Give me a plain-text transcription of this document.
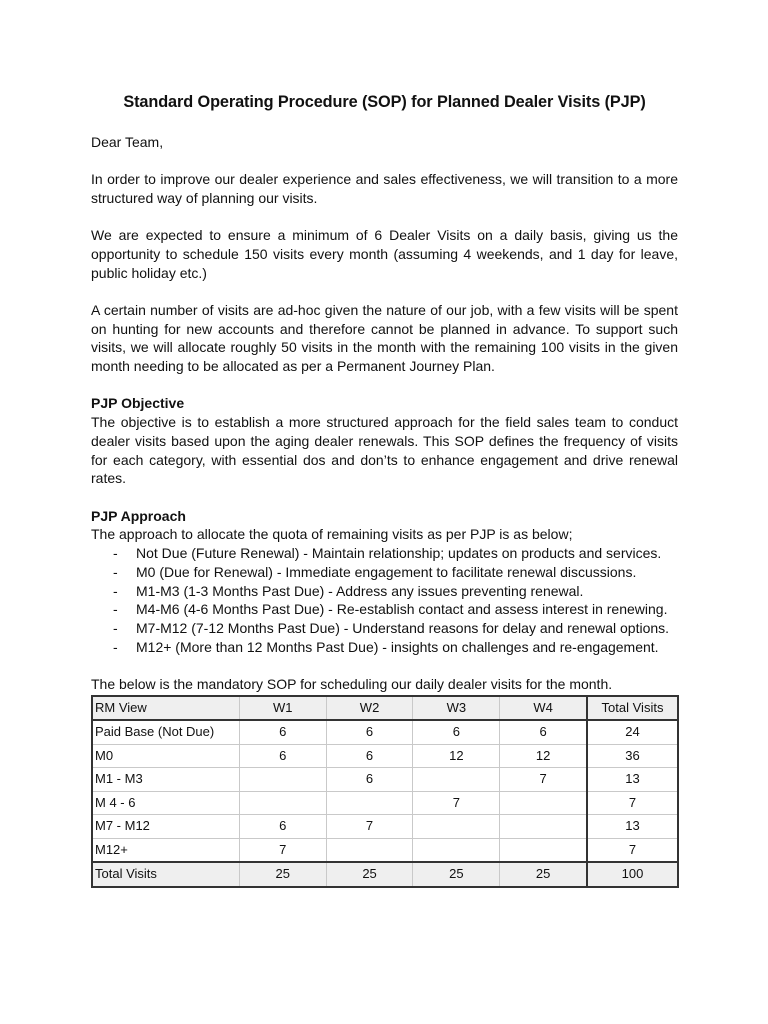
Standard Operating Procedure (SOP) for Planned Dealer Visits (PJP)

Dear Team,

In order to improve our dealer experience and sales effectiveness, we will transition to a more structured way of planning our visits.

We are expected to ensure a minimum of 6 Dealer Visits on a daily basis, giving us the opportunity to schedule 150 visits every month (assuming 4 weekends, and 1 day for leave, public holiday etc.)

A certain number of visits are ad-hoc given the nature of our job, with a few visits will be spent on hunting for new accounts and therefore cannot be planned in advance. To support such visits, we will allocate roughly 50 visits in the month with the remaining 100 visits in the given month needing to be allocated as per a Permanent Journey Plan.

PJP Objective

The objective is to establish a more structured approach for the field sales team to conduct dealer visits based upon the aging dealer renewals. This SOP defines the frequency of visits for each category, with essential dos and don’ts to enhance engagement and drive renewal rates.

PJP Approach

The approach to allocate the quota of remaining visits as per PJP is as below;

- Not Due (Future Renewal) - Maintain relationship; updates on products and services.
- M0 (Due for Renewal) - Immediate engagement to facilitate renewal discussions.
- M1-M3 (1-3 Months Past Due) - Address any issues preventing renewal.
- M4-M6 (4-6 Months Past Due) - Re-establish contact and assess interest in renewing.
- M7-M12 (7-12 Months Past Due) - Understand reasons for delay and renewal options.
- M12+ (More than 12 Months Past Due) - insights on challenges and re-engagement.

The below is the mandatory SOP for scheduling our daily dealer visits for the month.

RM View	W1	W2	W3	W4	Total Visits
Paid Base (Not Due)	6	6	6	6	24
M0	6	6	12	12	36
M1 - M3		6		7	13
M 4 - 6			7		7
M7 - M12	6	7			13
M12+	7				7
Total Visits	25	25	25	25	100
